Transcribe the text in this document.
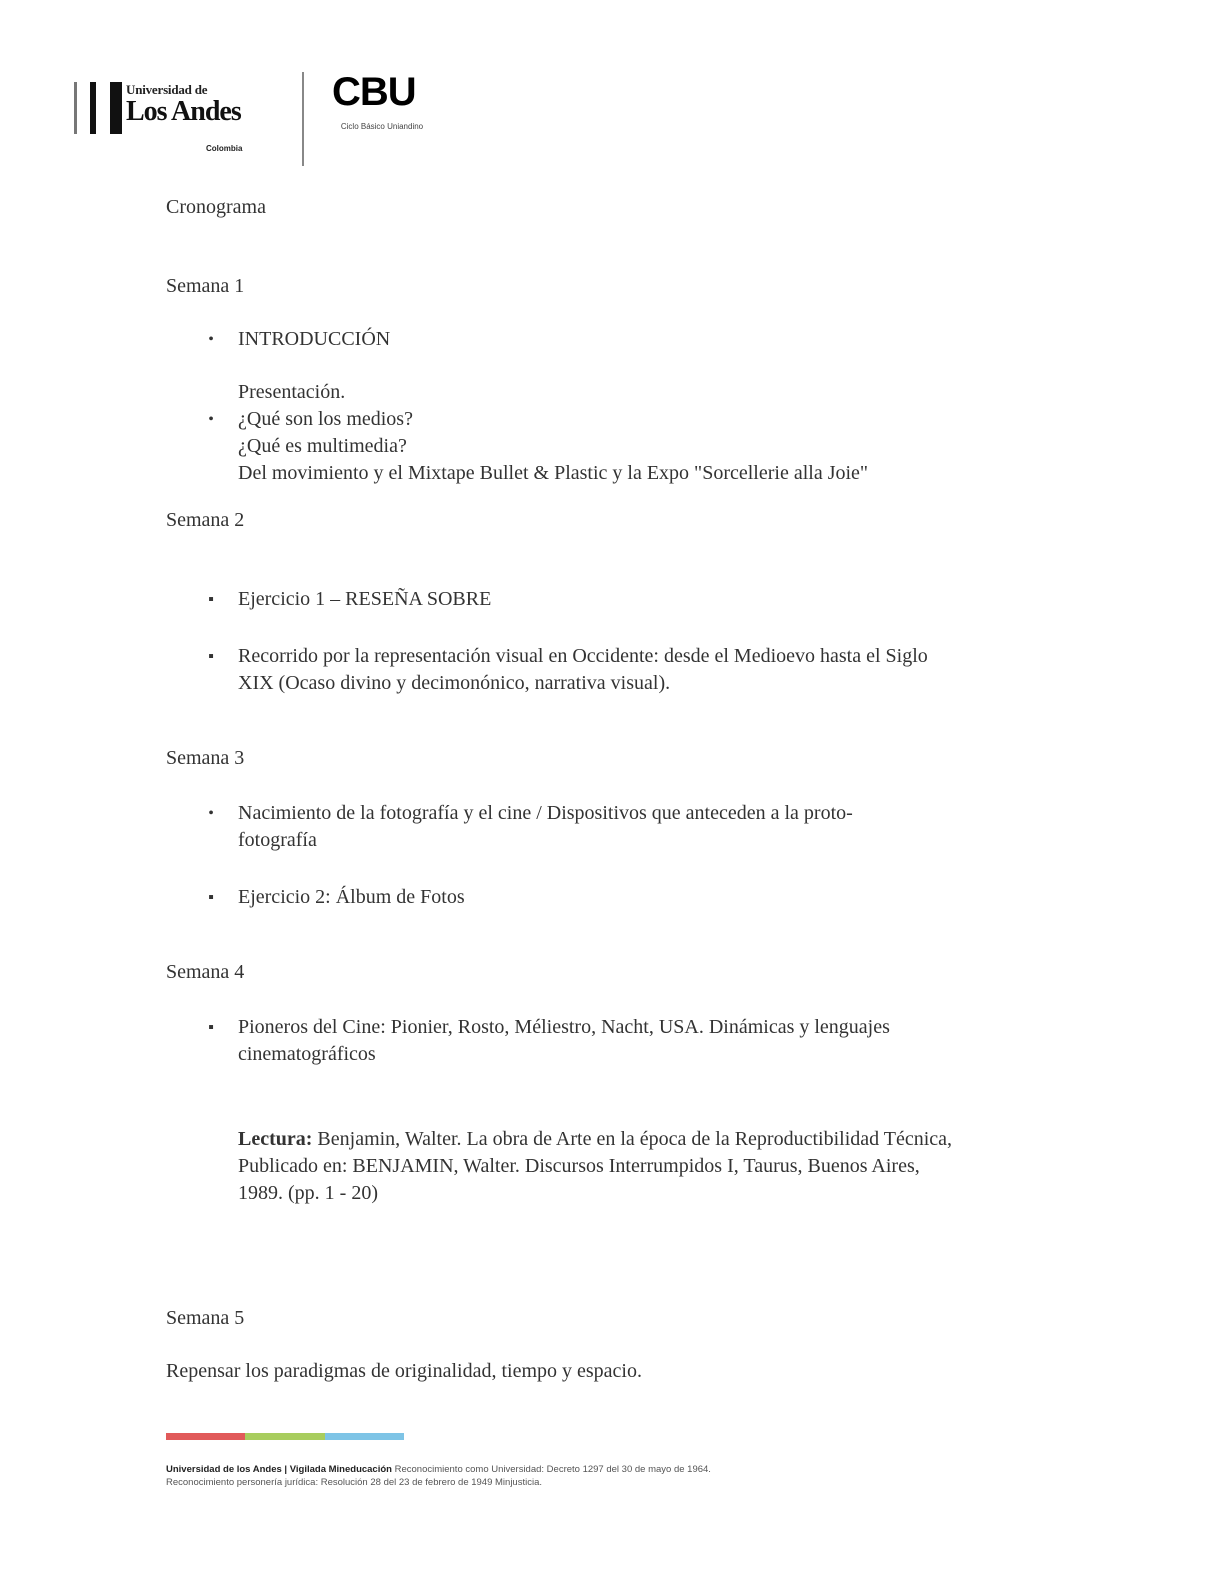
Universidad de
Los Andes
Colombia
CBU
Ciclo Básico Uniandino
Cronograma
Semana 1
• INTRODUCCIÓN
Presentación.
• ¿Qué son los medios?
¿Qué es multimedia?
Del movimiento y el Mixtape Bullet & Plastic y la Expo "Sorcellerie alla Joie"
Semana 2
▪ Ejercicio 1 – RESEÑA SOBRE
▪ Recorrido por la representación visual en Occidente: desde el Medioevo hasta el Siglo
XIX (Ocaso divino y decimonónico, narrativa visual).
Semana 3
• Nacimiento de la fotografía y el cine / Dispositivos que anteceden a la proto-
fotografía
▪ Ejercicio 2: Álbum de Fotos
Semana 4
▪ Pioneros del Cine: Pionier, Rosto, Méliestro, Nacht, USA. Dinámicas y lenguajes
cinematográficos
Lectura: Benjamin, Walter. La obra de Arte en la época de la Reproductibilidad Técnica,
Publicado en: BENJAMIN, Walter. Discursos Interrumpidos I, Taurus, Buenos Aires,
1989. (pp. 1 - 20)
Semana 5
Repensar los paradigmas de originalidad, tiempo y espacio.
Universidad de los Andes | Vigilada Mineducación Reconocimiento como Universidad: Decreto 1297 del 30 de mayo de 1964.
Reconocimiento personería jurídica: Resolución 28 del 23 de febrero de 1949 Minjusticia.
